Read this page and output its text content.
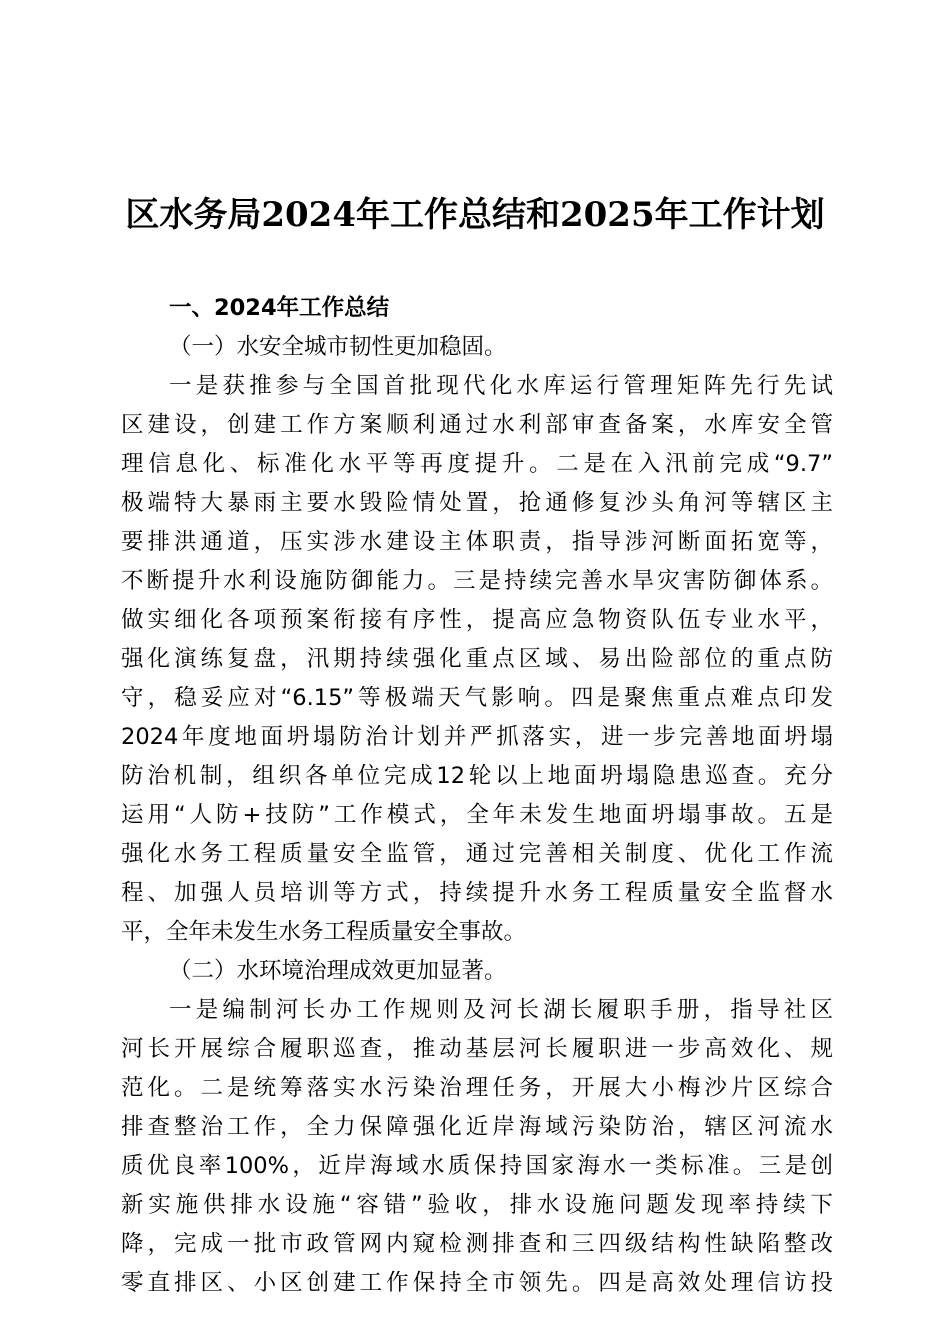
区水务局2024年工作总结和2025年工作计划
一、2024年工作总结
（一）水安全城市韧性更加稳固。
一是获推参与全国首批现代化水库运行管理矩阵先行先试
区建设，创建工作方案顺利通过水利部审查备案，水库安全管
理信息化、标准化水平等再度提升。二是在入汛前完成“9.7”
极端特大暴雨主要水毁险情处置，抢通修复沙头角河等辖区主
要排洪通道，压实涉水建设主体职责，指导涉河断面拓宽等，
不断提升水利设施防御能力。三是持续完善水旱灾害防御体系。
做实细化各项预案衔接有序性，提高应急物资队伍专业水平，
强化演练复盘，汛期持续强化重点区域、易出险部位的重点防
守，稳妥应对“6.15”等极端天气影响。四是聚焦重点难点印发
2024年度地面坍塌防治计划并严抓落实，进一步完善地面坍塌
防治机制，组织各单位完成12轮以上地面坍塌隐患巡查。充分
运用“人防+技防”工作模式，全年未发生地面坍塌事故。五是
强化水务工程质量安全监管，通过完善相关制度、优化工作流
程、加强人员培训等方式，持续提升水务工程质量安全监督水
平，全年未发生水务工程质量安全事故。
（二）水环境治理成效更加显著。
一是编制河长办工作规则及河长湖长履职手册，指导社区
河长开展综合履职巡查，推动基层河长履职进一步高效化、规
范化。二是统筹落实水污染治理任务，开展大小梅沙片区综合
排查整治工作，全力保障强化近岸海域污染防治，辖区河流水
质优良率100%，近岸海域水质保持国家海水一类标准。三是创
新实施供排水设施“容错”验收，排水设施问题发现率持续下
降，完成一批市政管网内窥检测排查和三四级结构性缺陷整改
零直排区、小区创建工作保持全市领先。四是高效处理信访投
